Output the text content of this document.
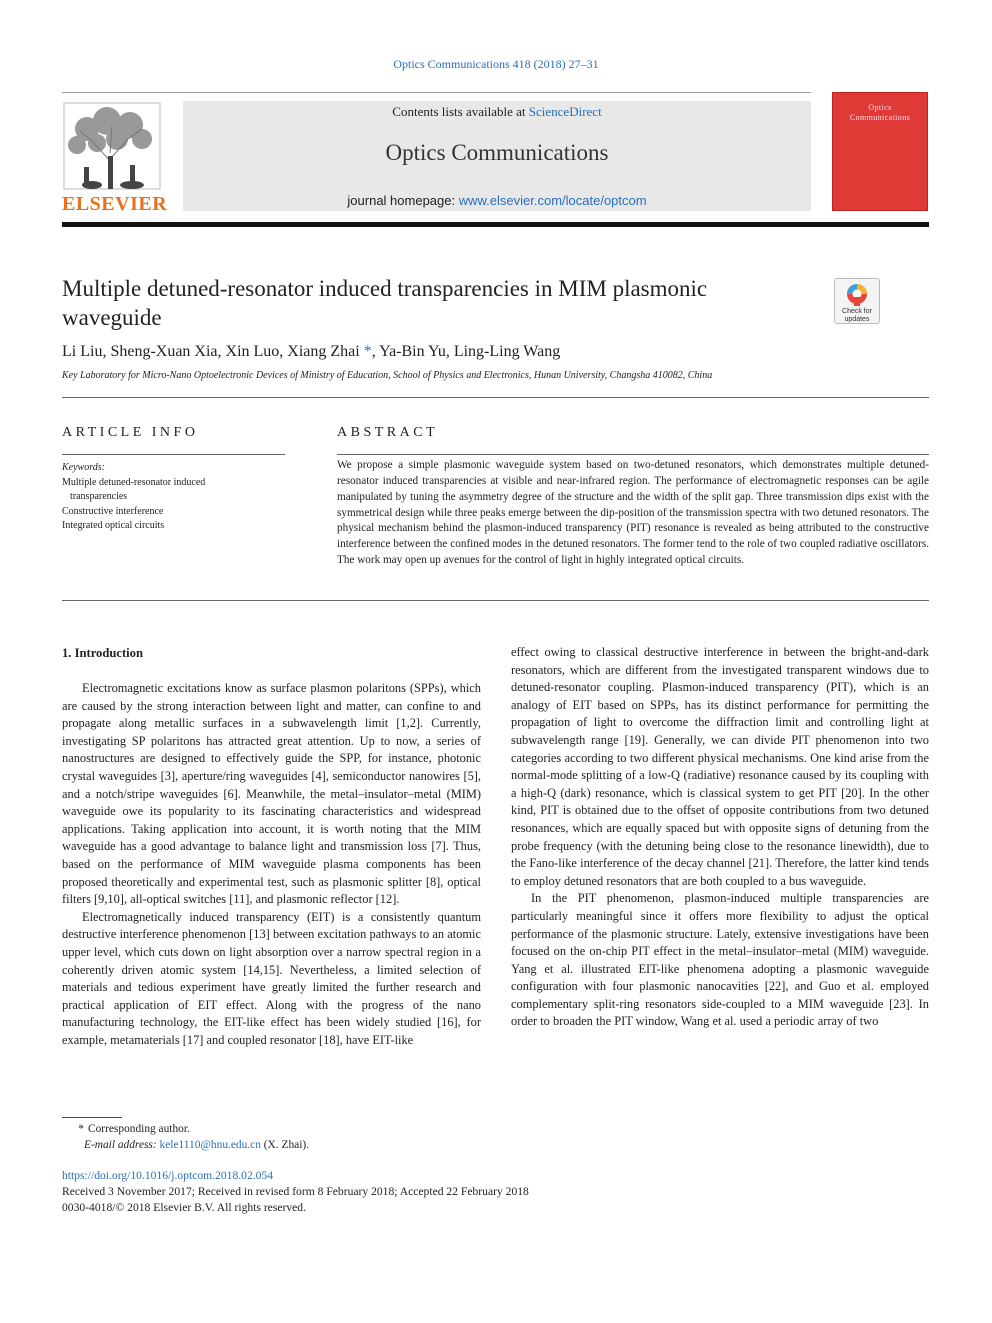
Optics Communications 418 (2018) 27–31
ELSEVIER
Contents lists available at ScienceDirect
Optics Communications
journal homepage: www.elsevier.com/locate/optcom
Optics
Communications
Multiple detuned-resonator induced transparencies in MIM plasmonic waveguide	Check for
updates
Li Liu, Sheng-Xuan Xia, Xin Luo, Xiang Zhai *, Ya-Bin Yu, Ling-Ling Wang
Key Laboratory for Micro-Nano Optoelectronic Devices of Ministry of Education, School of Physics and Electronics, Hunan University, Changsha 410082, China
ARTICLE INFO	ABSTRACT
Keywords:
Multiple detuned-resonator induced
transparencies
Constructive interference
Integrated optical circuits
We propose a simple plasmonic waveguide system based on two-detuned resonators, which demonstrates multiple detuned-resonator induced transparencies at visible and near-infrared region. The performance of electromagnetic responses can be agile manipulated by tuning the asymmetry degree of the structure and the width of the split gap. Three transmission dips exist with the symmetrical design while three peaks emerge between the dip-position of the transmission spectra with two detuned resonators. The physical mechanism behind the plasmon-induced transparency (PIT) resonance is revealed as being attributed to the constructive interference between the confined modes in the detuned resonators. The former tend to the role of two coupled radiative oscillators. The work may open up avenues for the control of light in highly integrated optical circuits.
1. Introduction

Electromagnetic excitations know as surface plasmon polaritons (SPPs), which are caused by the strong interaction between light and matter, can confine to and propagate along metallic surfaces in a subwavelength limit [1,2]. Currently, investigating SP polaritons has attracted great attention. Up to now, a series of nanostructures are designed to effectively guide the SPP, for instance, photonic crystal waveguides [3], aperture/ring waveguides [4], semiconductor nanowires [5], and a notch/stripe waveguides [6]. Meanwhile, the metal–insulator–metal (MIM) waveguide owe its popularity to its fascinating characteristics and widespread applications. Taking application into account, it is worth noting that the MIM waveguide has a good advantage to balance light and transmission loss [7]. Thus, based on the performance of MIM waveguide plasma components has been proposed theoretically and experimental test, such as plasmonic splitter [8], optical filters [9,10], all-optical switches [11], and plasmonic reflector [12].

Electromagnetically induced transparency (EIT) is a consistently quantum destructive interference phenomenon [13] between excitation pathways to an atomic upper level, which cuts down on light absorption over a narrow spectral region in a coherently driven atomic system [14,15]. Nevertheless, a limited selection of materials and tedious experiment have greatly limited the further research and practical application of EIT effect. Along with the progress of the nano manufacturing technology, the EIT-like effect has been widely studied [16], for example, metamaterials [17] and coupled resonator [18], have EIT-like

effect owing to classical destructive interference in between the bright-and-dark resonators, which are different from the investigated transparent windows due to detuned-resonator coupling. Plasmon-induced transparency (PIT), which is an analogy of EIT based on SPPs, has its distinct performance for permitting the propagation of light to overcome the diffraction limit and controlling light at subwavelength range [19]. Generally, we can divide PIT phenomenon into two categories according to two different physical mechanisms. One kind arise from the normal-mode splitting of a low-Q (radiative) resonance caused by its coupling with a high-Q (dark) resonance, which is classical system to get PIT [20]. In the other kind, PIT is obtained due to the offset of opposite contributions from two detuned resonances, which are equally spaced but with opposite signs of detuning from the probe frequency (with the detuning being close to the resonance linewidth), due to the Fano-like interference of the decay channel [21]. Therefore, the latter kind tends to employ detuned resonators that are both coupled to a bus waveguide.

In the PIT phenomenon, plasmon-induced multiple transparencies are particularly meaningful since it offers more flexibility to adjust the optical performance of the plasmonic structure. Lately, extensive investigations have been focused on the on-chip PIT effect in the metal–insulator–metal (MIM) waveguide. Yang et al. illustrated EIT-like phenomena adopting a plasmonic waveguide configuration with four plasmonic nanocavities [22], and Guo et al. employed complementary split-ring resonators side-coupled to a MIM waveguide [23]. In order to broaden the PIT window, Wang et al. used a periodic array of two

* Corresponding author.
E-mail address: kele1110@hnu.edu.cn (X. Zhai).
https://doi.org/10.1016/j.optcom.2018.02.054
Received 3 November 2017; Received in revised form 8 February 2018; Accepted 22 February 2018
0030-4018/© 2018 Elsevier B.V. All rights reserved.
